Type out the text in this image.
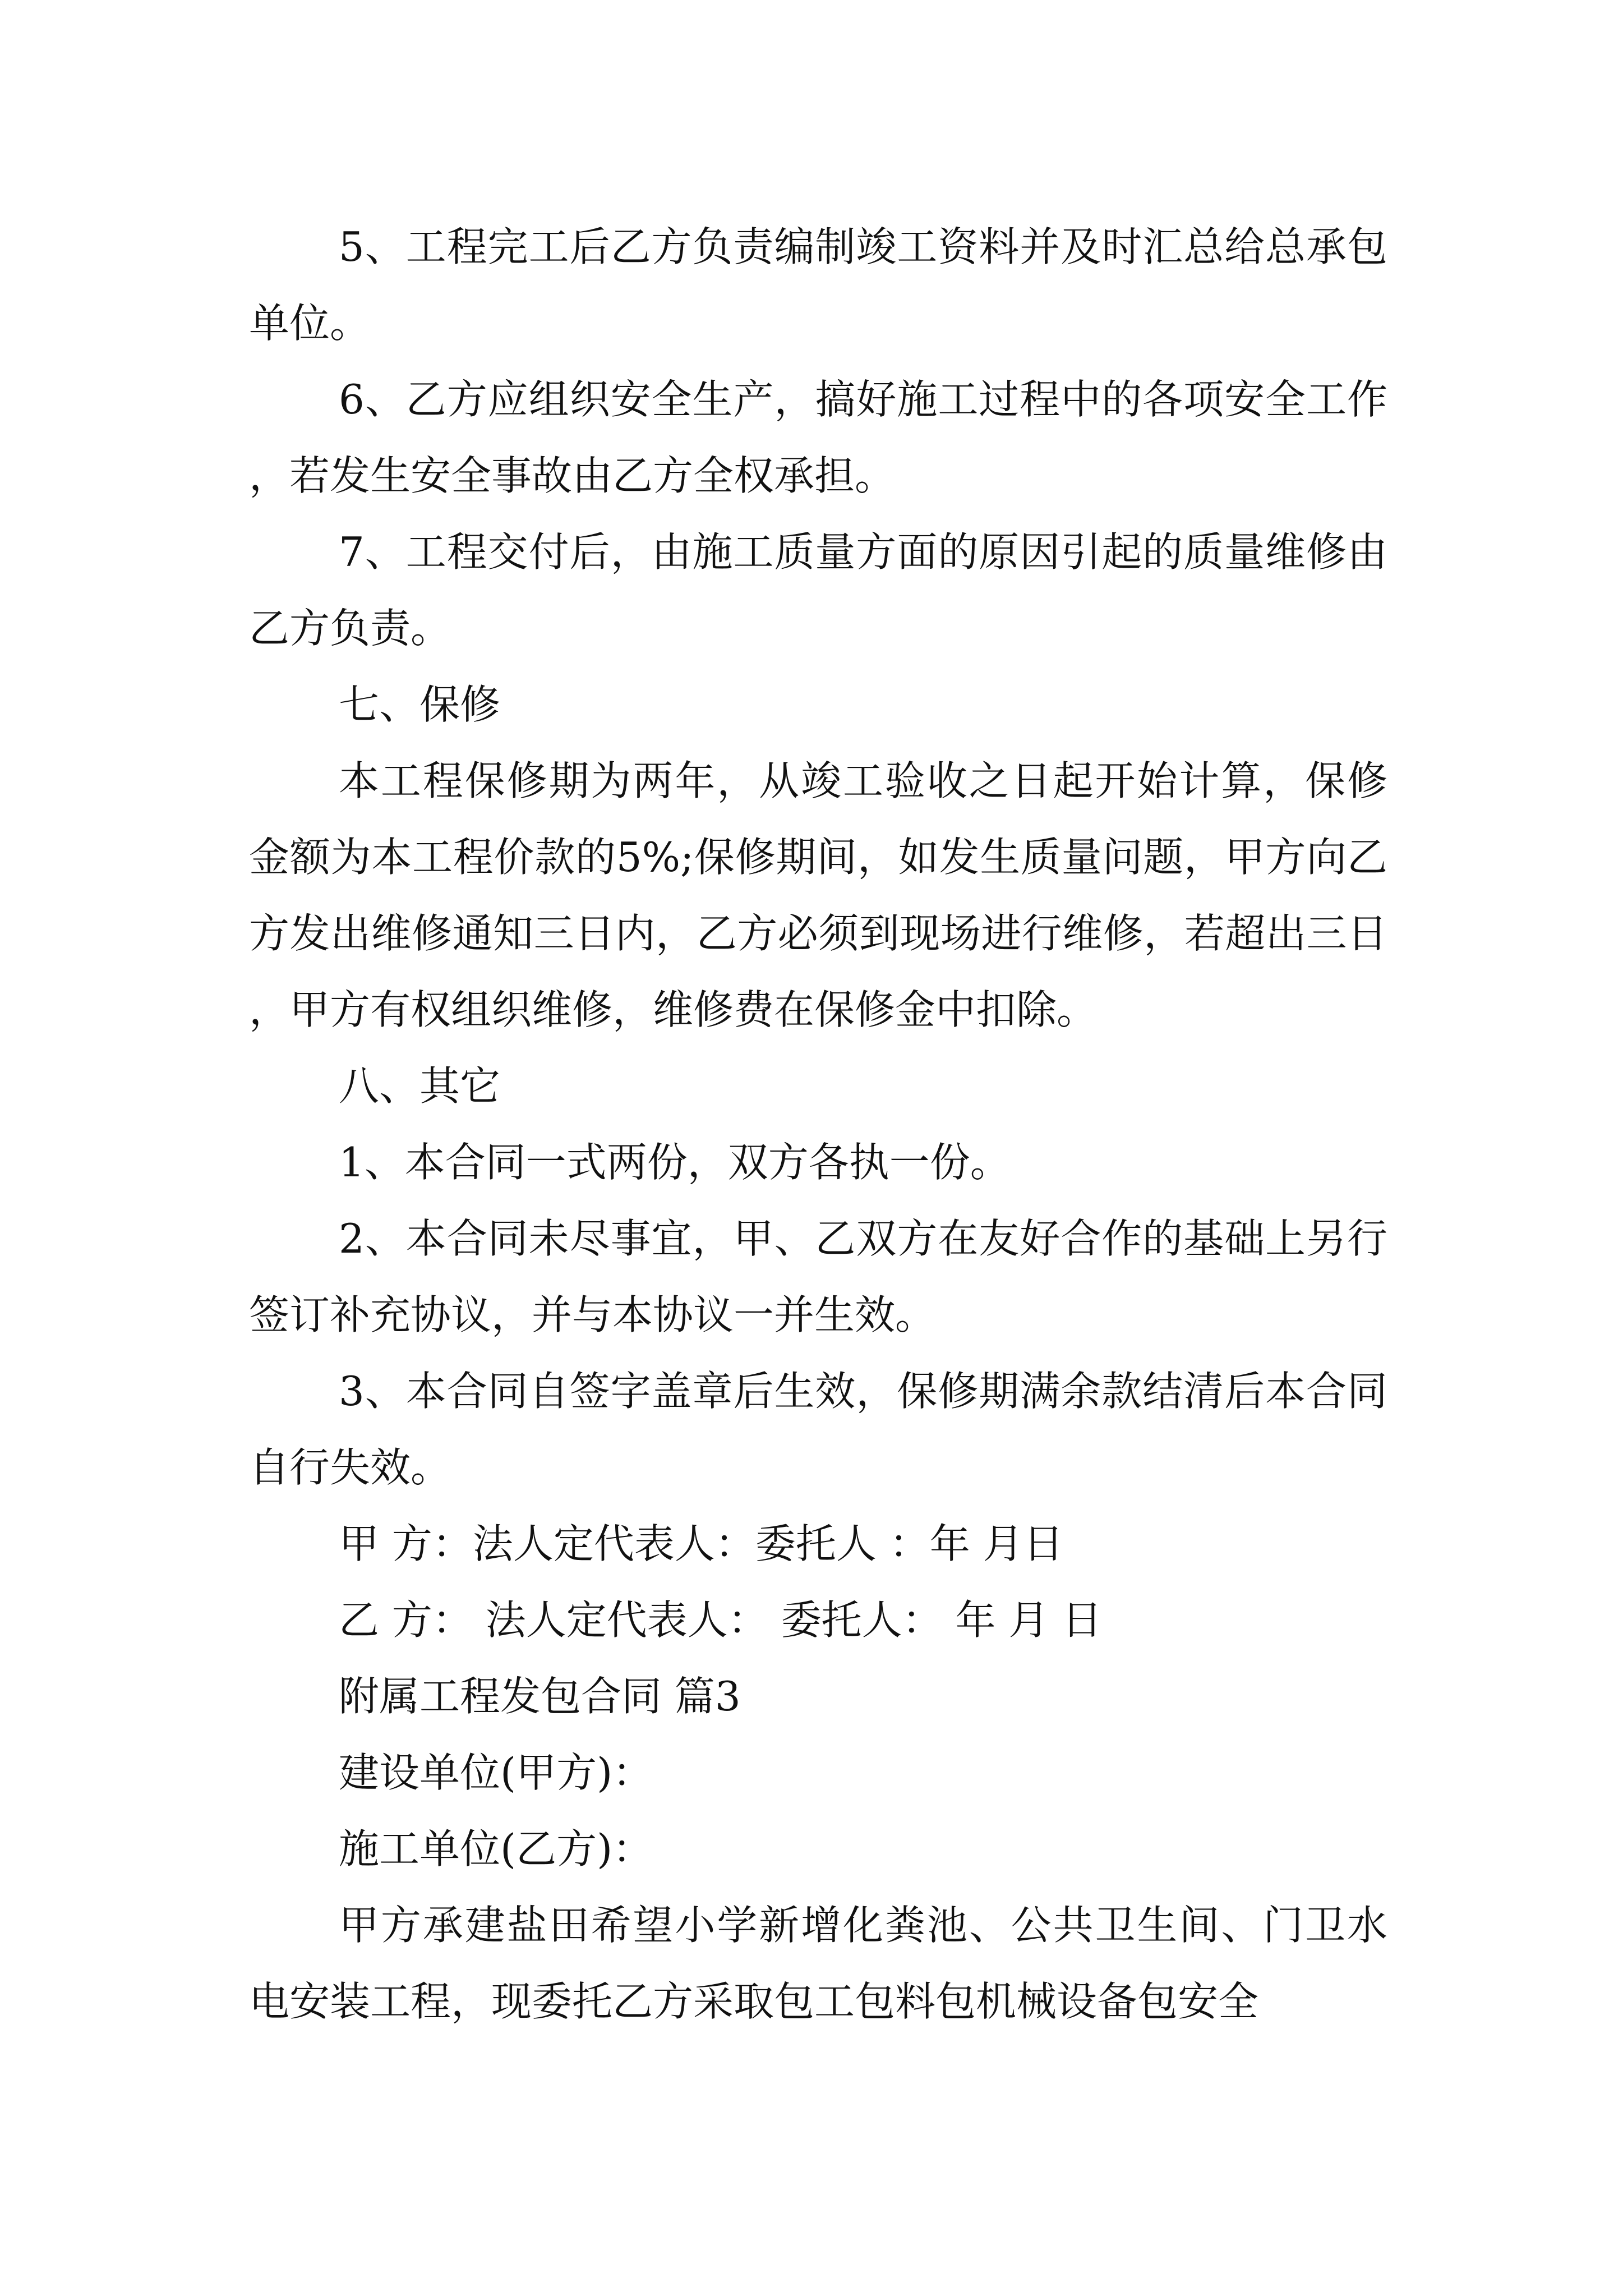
5、工程完工后乙方负责编制竣工资料并及时汇总给总承包单位。

6、乙方应组织安全生产，搞好施工过程中的各项安全工作，若发生安全事故由乙方全权承担。

7、工程交付后，由施工质量方面的原因引起的质量维修由乙方负责。

七、保修

本工程保修期为两年，从竣工验收之日起开始计算，保修金额为本工程价款的5%;保修期间，如发生质量问题，甲方向乙方发出维修通知三日内，乙方必须到现场进行维修，若超出三日，甲方有权组织维修，维修费在保修金中扣除。

八、其它

1、本合同一式两份，双方各执一份。

2、本合同未尽事宜，甲、乙双方在友好合作的基础上另行签订补充协议，并与本协议一并生效。

3、本合同自签字盖章后生效，保修期满余款结清后本合同自行失效。

甲 方：法人定代表人：委托人 ：年 月日

乙 方： 法人定代表人： 委托人： 年 月 日

附属工程发包合同 篇3

建设单位(甲方)：

施工单位(乙方)：

甲方承建盐田希望小学新增化粪池、公共卫生间、门卫水电安装工程，现委托乙方采取包工包料包机械设备包安全
